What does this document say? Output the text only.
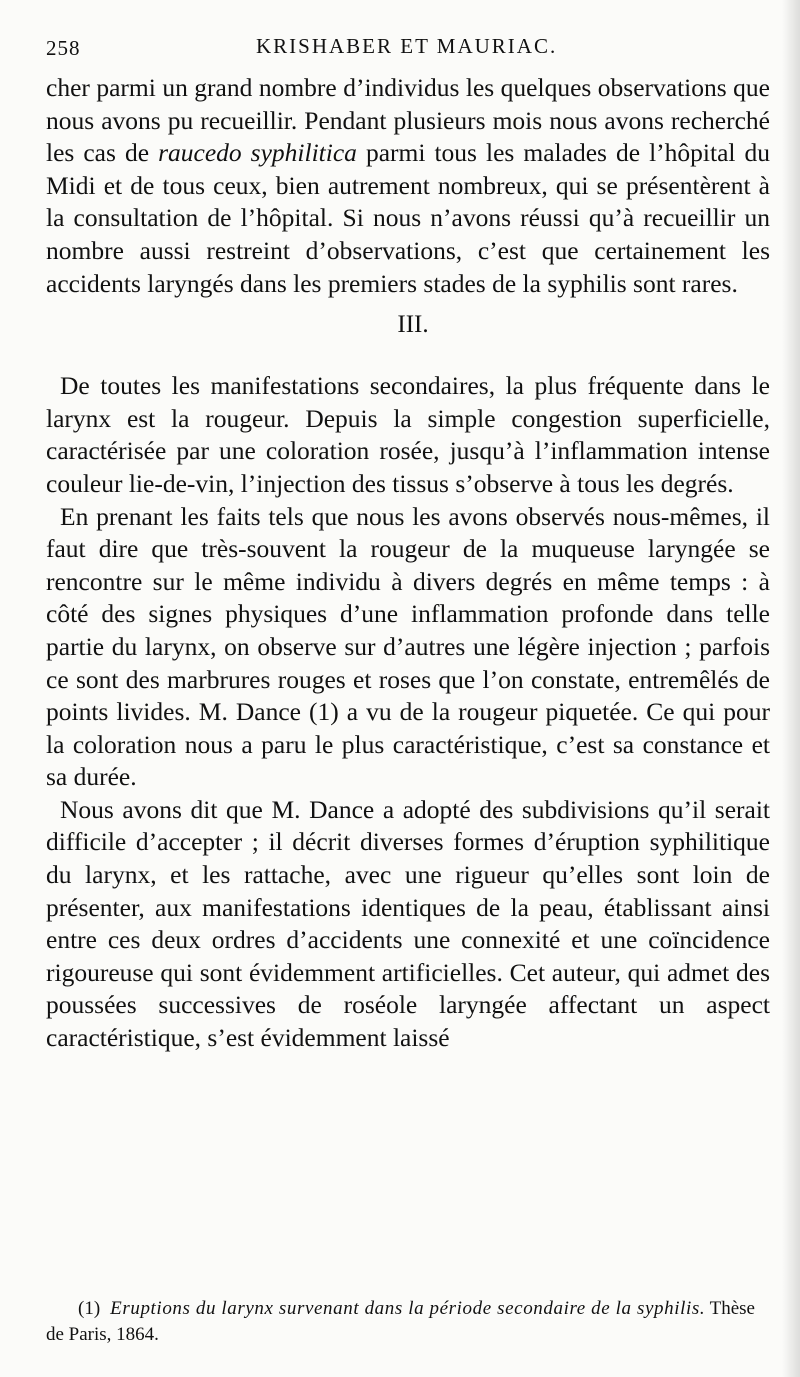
258	KRISHABER ET MAURIAC.

cher parmi un grand nombre d’individus les quelques observations que nous avons pu recueillir. Pendant plusieurs mois nous avons recherché les cas de raucedo syphilitica parmi tous les malades de l’hôpital du Midi et de tous ceux, bien autrement nombreux, qui se présentèrent à la consultation de l’hôpital. Si nous n’avons réussi qu’à recueillir un nombre aussi restreint d’observations, c’est que certainement les accidents laryngés dans les premiers stades de la syphilis sont rares.

III.

De toutes les manifestations secondaires, la plus fréquente dans le larynx est la rougeur. Depuis la simple congestion superficielle, caractérisée par une coloration rosée, jusqu’à l’inflammation intense couleur lie-de-vin, l’injection des tissus s’observe à tous les degrés.

En prenant les faits tels que nous les avons observés nous-mêmes, il faut dire que très-souvent la rougeur de la muqueuse laryngée se rencontre sur le même individu à divers degrés en même temps : à côté des signes physiques d’une inflammation profonde dans telle partie du larynx, on observe sur d’autres une légère injection ; parfois ce sont des marbrures rouges et roses que l’on constate, entremêlés de points livides. M. Dance (1) a vu de la rougeur piquetée. Ce qui pour la coloration nous a paru le plus caractéristique, c’est sa constance et sa durée.

Nous avons dit que M. Dance a adopté des subdivisions qu’il serait difficile d’accepter ; il décrit diverses formes d’éruption syphilitique du larynx, et les rattache, avec une rigueur qu’elles sont loin de présenter, aux manifestations identiques de la peau, établissant ainsi entre ces deux ordres d’accidents une connexité et une coïncidence rigoureuse qui sont évidemment artificielles. Cet auteur, qui admet des poussées successives de roséole laryngée affectant un aspect caractéristique, s’est évidemment laissé

(1) Eruptions du larynx survenant dans la période secondaire de la syphilis. Thèse de Paris, 1864.
